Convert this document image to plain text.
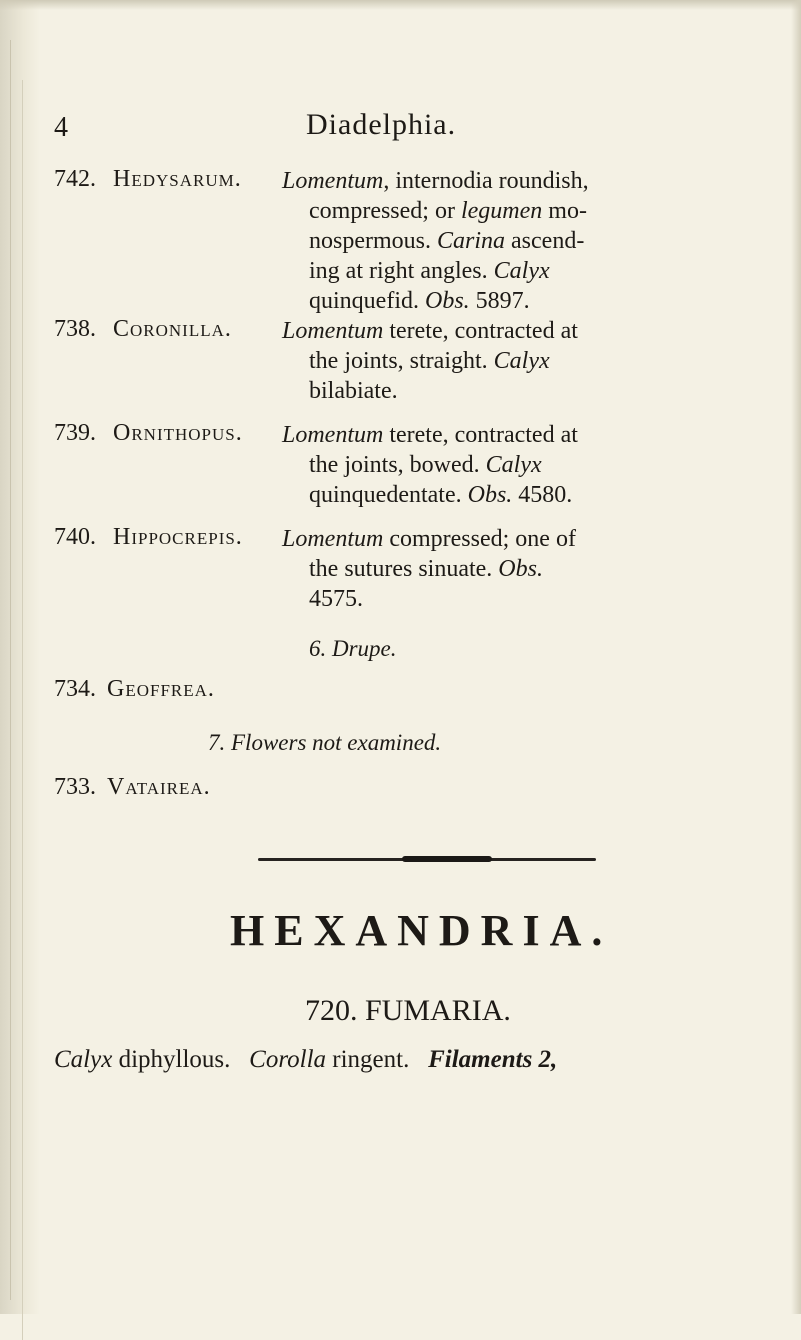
4	Diadelphia.
742. Hedysarum. Lomentum, internodia roundish,
compressed; or legumen mo-
nospermous. Carina ascend-
ing at right angles. Calyx
quinquefid. Obs. 5897.
738. Coronilla. Lomentum terete, contracted at
the joints, straight. Calyx
bilabiate.
739. Ornithopus. Lomentum terete, contracted at
the joints, bowed. Calyx
quinquedentate. Obs. 4580.
740. Hippocrepis. Lomentum compressed; one of
the sutures sinuate. Obs.
4575.
6. Drupe.
734. Geoffrea.
7. Flowers not examined.
733. Vatairea.
HEXANDRIA.
720. FUMARIA.
Calyx diphyllous. Corolla ringent. Filaments 2,
